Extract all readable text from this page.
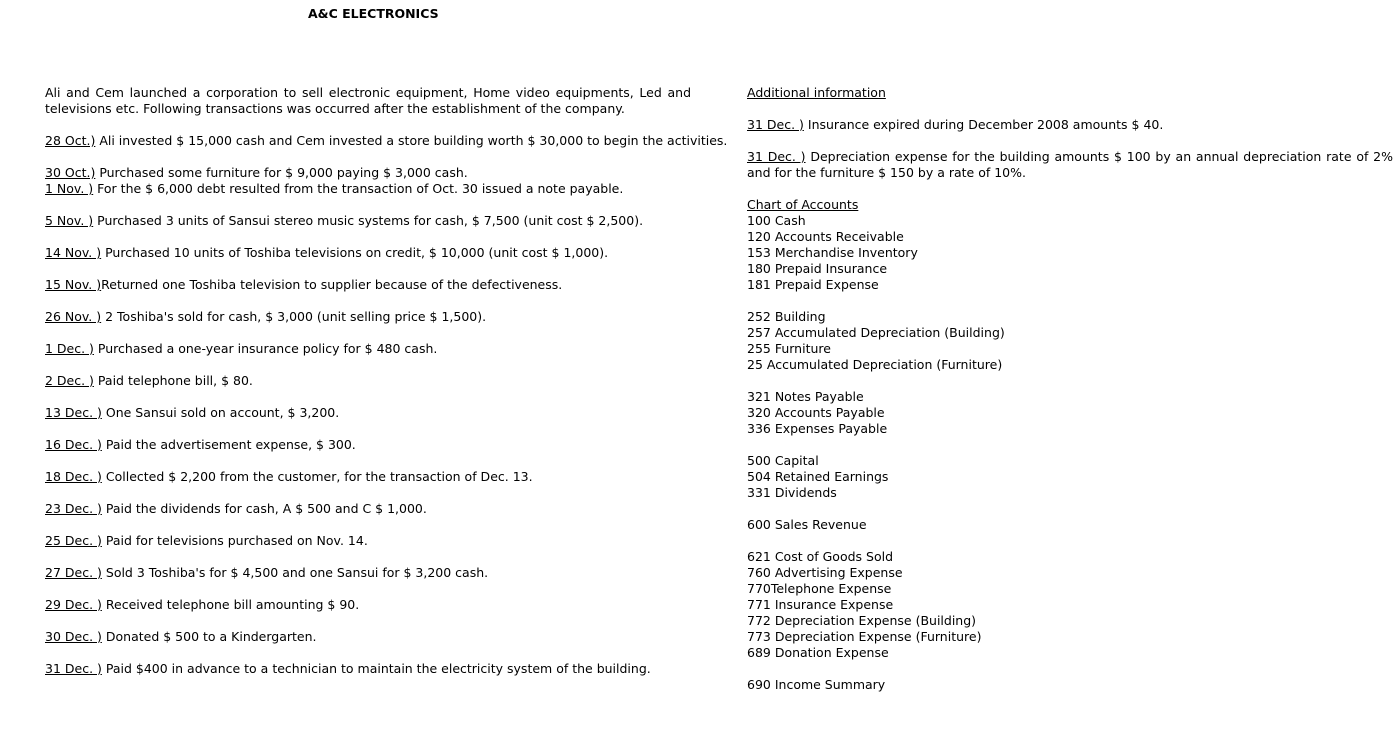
A&C ELECTRONICS

Ali and Cem launched a corporation to sell electronic equipment, Home video equipments, Led and televisions etc. Following transactions was occurred after the establishment of the company.

28 Oct.) Ali invested $ 15,000 cash and Cem invested a store building worth $ 30,000 to begin the activities.
30 Oct.) Purchased some furniture for $ 9,000 paying $ 3,000 cash.
1 Nov. ) For the $ 6,000 debt resulted from the transaction of Oct. 30 issued a note payable.
5 Nov. ) Purchased 3 units of Sansui stereo music systems for cash, $ 7,500 (unit cost $ 2,500).
14 Nov. ) Purchased 10 units of Toshiba televisions on credit, $ 10,000 (unit cost $ 1,000).
15 Nov. )Returned one Toshiba television to supplier because of the defectiveness.
26 Nov. ) 2 Toshiba's sold for cash, $ 3,000 (unit selling price $ 1,500).
1 Dec. ) Purchased a one-year insurance policy for $ 480 cash.
2 Dec. ) Paid telephone bill, $ 80.
13 Dec. ) One Sansui sold on account, $ 3,200.
16 Dec. ) Paid the advertisement expense, $ 300.
18 Dec. ) Collected $ 2,200 from the customer, for the transaction of Dec. 13.
23 Dec. ) Paid the dividends for cash, A $ 500 and C $ 1,000.
25 Dec. ) Paid for televisions purchased on Nov. 14.
27 Dec. ) Sold 3 Toshiba's for $ 4,500 and one Sansui for $ 3,200 cash.
29 Dec. ) Received telephone bill amounting $ 90.
30 Dec. ) Donated $ 500 to a Kindergarten.
31 Dec. ) Paid $400 in advance to a technician to maintain the electricity system of the building.
Additional information
31 Dec. ) Insurance expired during December 2008 amounts $ 40.
31 Dec. ) Depreciation expense for the building amounts $ 100 by an annual depreciation rate of 2% and for the furniture $ 150 by a rate of 10%.
Chart of Accounts
100 Cash
120 Accounts Receivable
153 Merchandise Inventory
180 Prepaid Insurance
181 Prepaid Expense
252 Building
257 Accumulated Depreciation (Building)
255 Furniture
25 Accumulated Depreciation (Furniture)
321 Notes Payable
320 Accounts Payable
336 Expenses Payable
500 Capital
504 Retained Earnings
331 Dividends
600 Sales Revenue
621 Cost of Goods Sold
760 Advertising Expense
770Telephone Expense
771 Insurance Expense
772 Depreciation Expense (Building)
773 Depreciation Expense (Furniture)
689 Donation Expense
690 Income Summary
